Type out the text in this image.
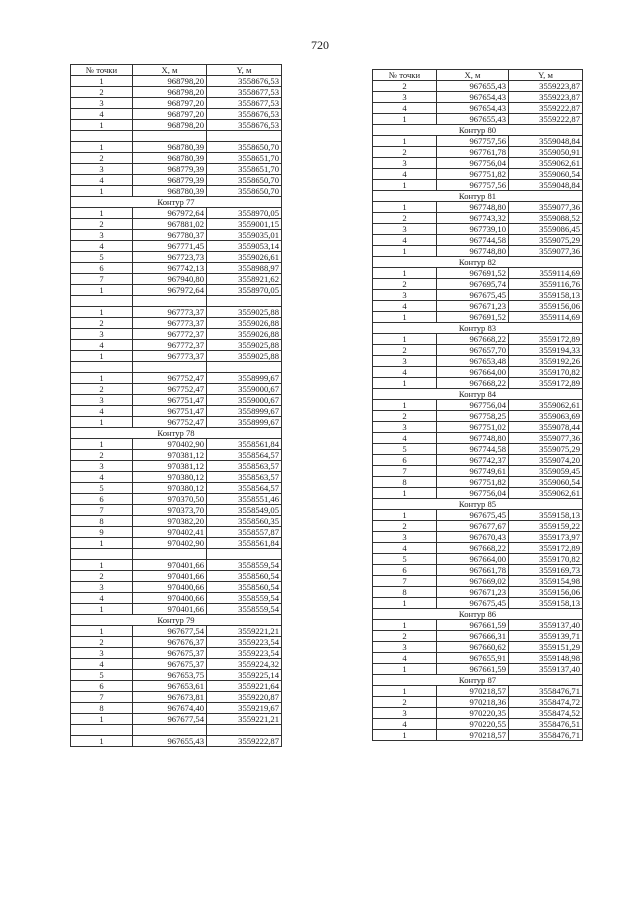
720
№ точки	X, м	Y, м
1	968798,20	3558676,53
2	968798,20	3558677,53
3	968797,20	3558677,53
4	968797,20	3558676,53
1	968798,20	3558676,53

1	968780,39	3558650,70
2	968780,39	3558651,70
3	968779,39	3558651,70
4	968779,39	3558650,70
1	968780,39	3558650,70
Контур 77		
1	967972,64	3558970,05
2	967881,02	3559001,15
3	967780,37	3559035,01
4	967771,45	3559053,14
5	967723,73	3559026,61
6	967742,13	3558988,97
7	967940,80	3558921,62
1	967972,64	3558970,05

1	967773,37	3559025,88
2	967773,37	3559026,88
3	967772,37	3559026,88
4	967772,37	3559025,88
1	967773,37	3559025,88

1	967752,47	3558999,67
2	967752,47	3559000,67
3	967751,47	3559000,67
4	967751,47	3558999,67
1	967752,47	3558999,67
Контур 78		
1	970402,90	3558561,84
2	970381,12	3558564,57
3	970381,12	3558563,57
4	970380,12	3558563,57
5	970380,12	3558564,57
6	970370,50	3558551,46
7	970373,70	3558549,05
8	970382,20	3558560,35
9	970402,41	3558557,87
1	970402,90	3558561,84

1	970401,66	3558559,54
2	970401,66	3558560,54
3	970400,66	3558560,54
4	970400,66	3558559,54
1	970401,66	3558559,54
Контур 79		
1	967677,54	3559221,21
2	967676,37	3559223,54
3	967675,37	3559223,54
4	967675,37	3559224,32
5	967653,75	3559225,14
6	967653,61	3559221,64
7	967673,81	3559220,87
8	967674,40	3559219,67
1	967677,54	3559221,21

1	967655,43	3559222,87
№ точки	X, м	Y, м
2	967655,43	3559223,87
3	967654,43	3559223,87
4	967654,43	3559222,87
1	967655,43	3559222,87
Контур 80		
1	967757,56	3559048,84
2	967761,78	3559050,91
3	967756,04	3559062,61
4	967751,82	3559060,54
1	967757,56	3559048,84
Контур 81		
1	967748,80	3559077,36
2	967743,32	3559088,52
3	967739,10	3559086,45
4	967744,58	3559075,29
1	967748,80	3559077,36
Контур 82		
1	967691,52	3559114,69
2	967695,74	3559116,76
3	967675,45	3559158,13
4	967671,23	3559156,06
1	967691,52	3559114,69
Контур 83		
1	967668,22	3559172,89
2	967657,70	3559194,33
3	967653,48	3559192,26
4	967664,00	3559170,82
1	967668,22	3559172,89
Контур 84		
1	967756,04	3559062,61
2	967758,25	3559063,69
3	967751,02	3559078,44
4	967748,80	3559077,36
5	967744,58	3559075,29
6	967742,37	3559074,20
7	967749,61	3559059,45
8	967751,82	3559060,54
1	967756,04	3559062,61
Контур 85		
1	967675,45	3559158,13
2	967677,67	3559159,22
3	967670,43	3559173,97
4	967668,22	3559172,89
5	967664,00	3559170,82
6	967661,78	3559169,73
7	967669,02	3559154,98
8	967671,23	3559156,06
1	967675,45	3559158,13
Контур 86		
1	967661,59	3559137,40
2	967666,31	3559139,71
3	967660,62	3559151,29
4	967655,91	3559148,98
1	967661,59	3559137,40
Контур 87		
1	970218,57	3558476,71
2	970218,36	3558474,72
3	970220,35	3558474,52
4	970220,55	3558476,51
1	970218,57	3558476,71
